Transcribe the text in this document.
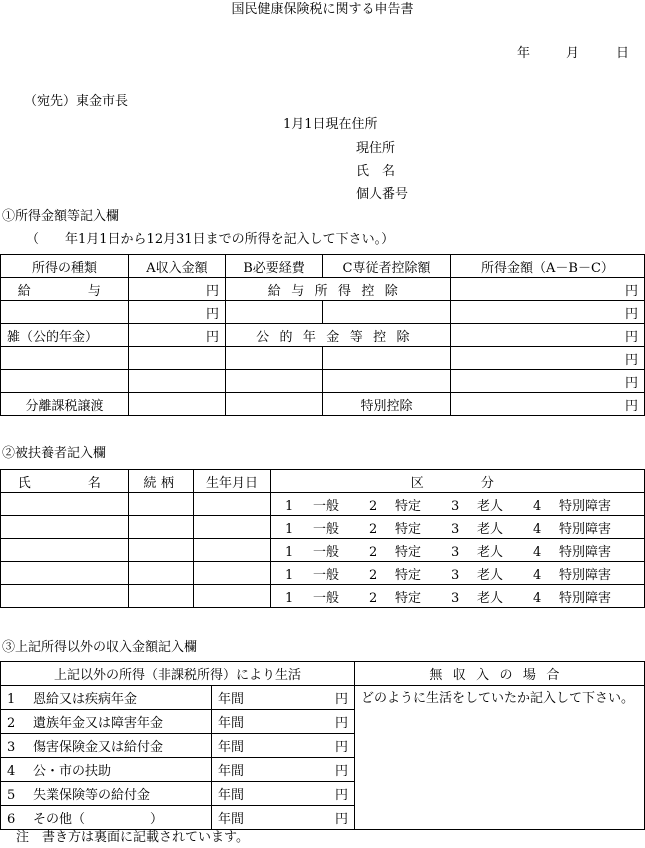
国民健康保険税に関する申告書
年	月	日
（宛先）東金市長
1月1日現在住所
現住所
氏　名
個人番号
①所得金額等記入欄
（　　年1月1日から12月31日までの所得を記入して下さい。）
所得の種類	A収入金額	B必要経費	C専従者控除額	所得金額（A－B－C）
給　　与	円	給与所得控除		円
	円			円
雑（公的年金）	円	公的年金等控除		円
				円
				円
分離課税譲渡			特別控除	円
②被扶養者記入欄
氏　　名	続柄	生年月日	区　　分
			1 一般 2 特定 3 老人 4 特別障害
			1 一般 2 特定 3 老人 4 特別障害
			1 一般 2 特定 3 老人 4 特別障害
			1 一般 2 特定 3 老人 4 特別障害
			1 一般 2 特定 3 老人 4 特別障害
③上記所得以外の収入金額記入欄
上記以外の所得（非課税所得）により生活		無収入の場合
1 恩給又は疾病年金	年間 円	どのように生活をしていたか記入して下さい。
2 遺族年金又は障害年金	年間 円	

3 傷害保険金又は給付金	年間 円	

4 公・市の扶助	年間 円	

5 失業保険等の給付金	年間 円	

6 その他（　　　　　）	年間 円	
注　書き方は裏面に記載されています。
